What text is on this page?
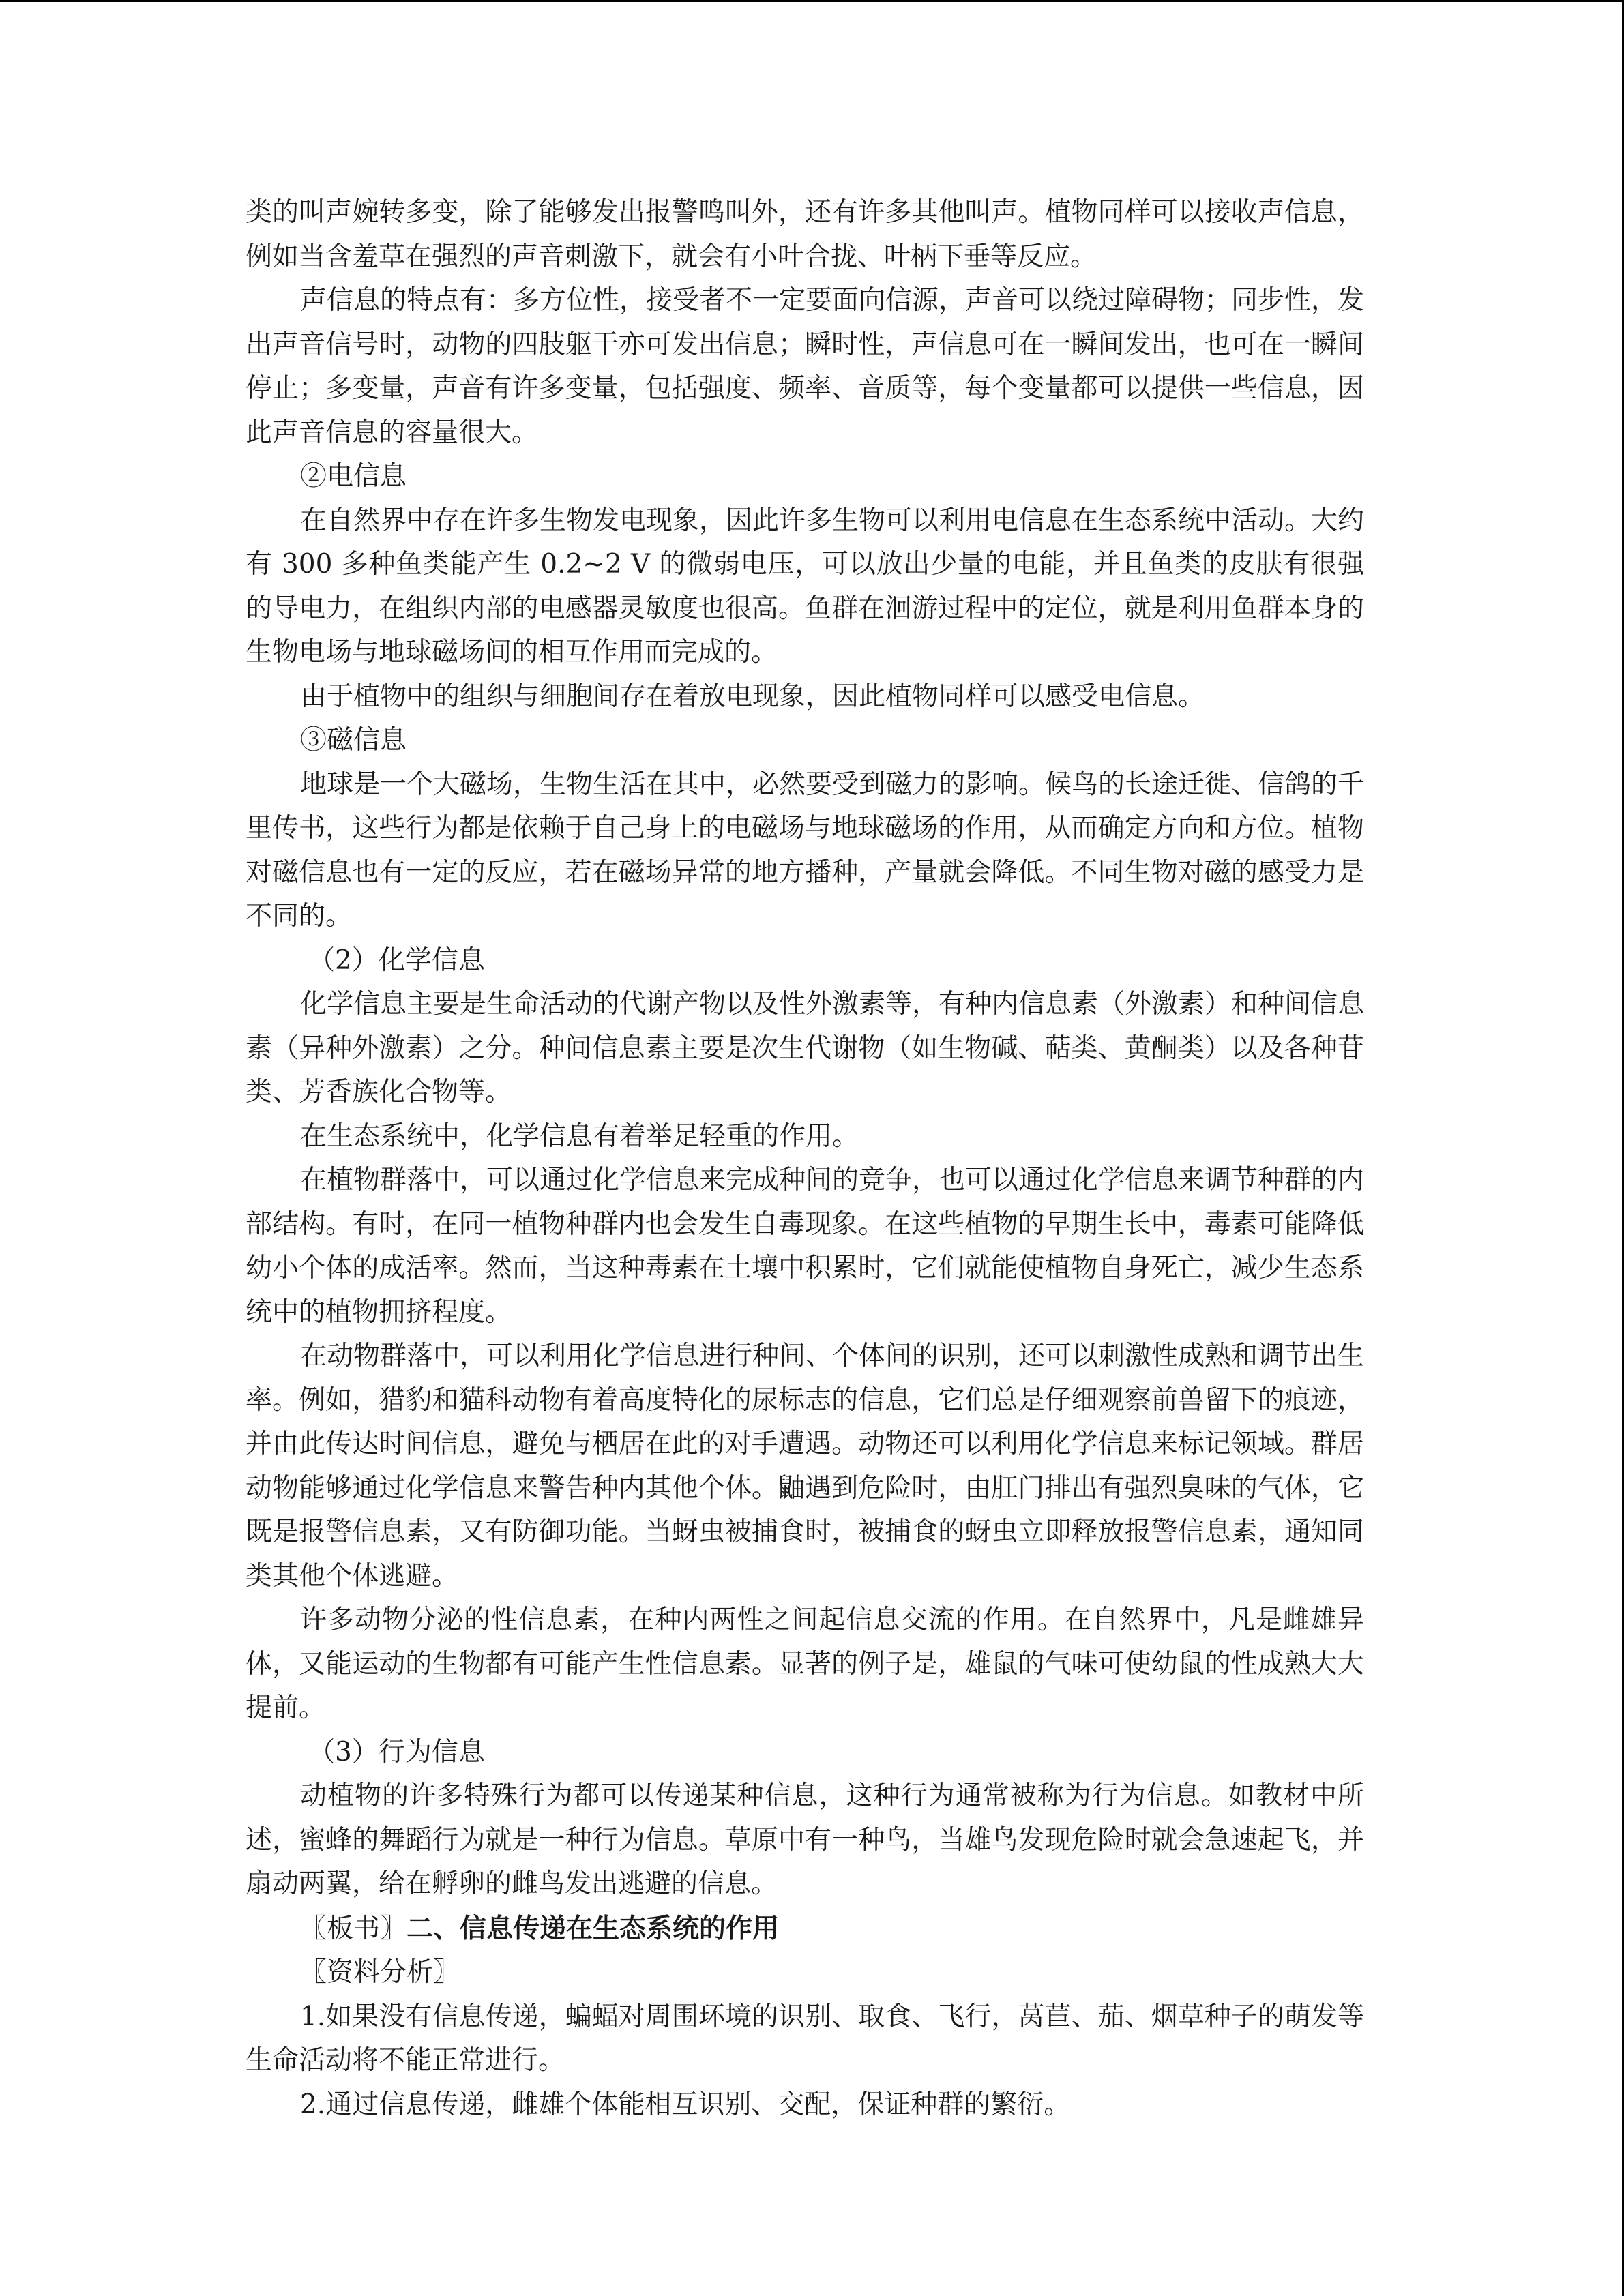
类的叫声婉转多变，除了能够发出报警鸣叫外，还有许多其他叫声。植物同样可以接收声信息，例如当含羞草在强烈的声音刺激下，就会有小叶合拢、叶柄下垂等反应。

声信息的特点有：多方位性，接受者不一定要面向信源，声音可以绕过障碍物；同步性，发出声音信号时，动物的四肢躯干亦可发出信息；瞬时性，声信息可在一瞬间发出，也可在一瞬间停止；多变量，声音有许多变量，包括强度、频率、音质等，每个变量都可以提供一些信息，因此声音信息的容量很大。

②电信息

在自然界中存在许多生物发电现象，因此许多生物可以利用电信息在生态系统中活动。大约有 300 多种鱼类能产生 0.2~2 V 的微弱电压，可以放出少量的电能，并且鱼类的皮肤有很强的导电力，在组织内部的电感器灵敏度也很高。鱼群在洄游过程中的定位，就是利用鱼群本身的生物电场与地球磁场间的相互作用而完成的。

由于植物中的组织与细胞间存在着放电现象，因此植物同样可以感受电信息。

③磁信息

地球是一个大磁场，生物生活在其中，必然要受到磁力的影响。候鸟的长途迁徙、信鸽的千里传书，这些行为都是依赖于自己身上的电磁场与地球磁场的作用，从而确定方向和方位。植物对磁信息也有一定的反应，若在磁场异常的地方播种，产量就会降低。不同生物对磁的感受力是不同的。

（2）化学信息

化学信息主要是生命活动的代谢产物以及性外激素等，有种内信息素（外激素）和种间信息素（异种外激素）之分。种间信息素主要是次生代谢物（如生物碱、萜类、黄酮类）以及各种苷类、芳香族化合物等。

在生态系统中，化学信息有着举足轻重的作用。

在植物群落中，可以通过化学信息来完成种间的竞争，也可以通过化学信息来调节种群的内部结构。有时，在同一植物种群内也会发生自毒现象。在这些植物的早期生长中，毒素可能降低幼小个体的成活率。然而，当这种毒素在土壤中积累时，它们就能使植物自身死亡，减少生态系统中的植物拥挤程度。

在动物群落中，可以利用化学信息进行种间、个体间的识别，还可以刺激性成熟和调节出生率。例如，猎豹和猫科动物有着高度特化的尿标志的信息，它们总是仔细观察前兽留下的痕迹，并由此传达时间信息，避免与栖居在此的对手遭遇。动物还可以利用化学信息来标记领域。群居动物能够通过化学信息来警告种内其他个体。鼬遇到危险时，由肛门排出有强烈臭味的气体，它既是报警信息素，又有防御功能。当蚜虫被捕食时，被捕食的蚜虫立即释放报警信息素，通知同类其他个体逃避。

许多动物分泌的性信息素，在种内两性之间起信息交流的作用。在自然界中，凡是雌雄异体，又能运动的生物都有可能产生性信息素。显著的例子是，雄鼠的气味可使幼鼠的性成熟大大提前。

（3）行为信息

动植物的许多特殊行为都可以传递某种信息，这种行为通常被称为行为信息。如教材中所述，蜜蜂的舞蹈行为就是一种行为信息。草原中有一种鸟，当雄鸟发现危险时就会急速起飞，并扇动两翼，给在孵卵的雌鸟发出逃避的信息。

〖板书〗二、信息传递在生态系统的作用

〖资料分析〗

1.如果没有信息传递，蝙蝠对周围环境的识别、取食、飞行，莴苣、茄、烟草种子的萌发等生命活动将不能正常进行。

2.通过信息传递，雌雄个体能相互识别、交配，保证种群的繁衍。
